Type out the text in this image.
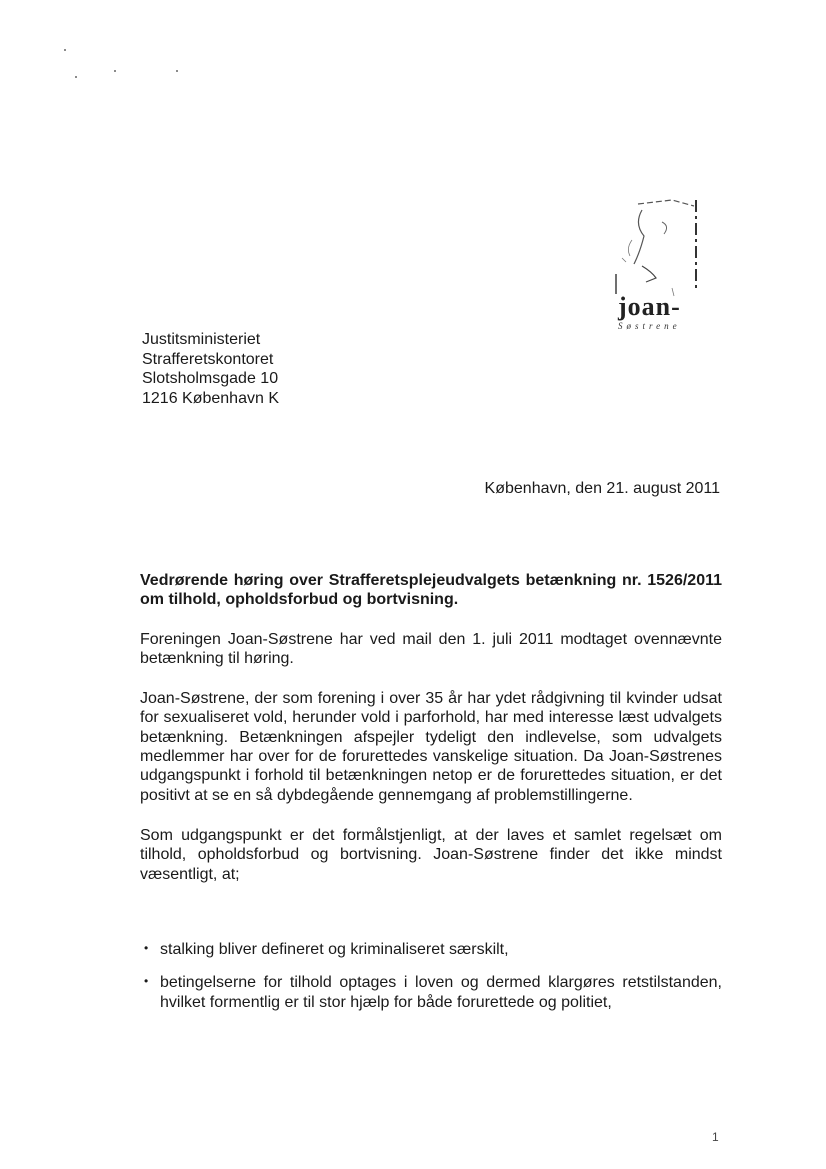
joan-
Søstrene
Justitsministeriet
Strafferetskontoret
Slotsholmsgade 10
1216 København K
København, den 21. august 2011

Vedrørende høring over Strafferetsplejeudvalgets betænkning nr. 1526/2011 om tilhold, opholdsforbud og bortvisning.

Foreningen Joan-Søstrene har ved mail den 1. juli 2011 modtaget ovennævnte betænkning til høring.

Joan-Søstrene, der som forening i over 35 år har ydet rådgivning til kvinder udsat for sexualiseret vold, herunder vold i parforhold, har med interesse læst udvalgets betænkning. Betænkningen afspejler tydeligt den indlevelse, som udvalgets medlemmer har over for de forurettedes vanskelige situation. Da Joan-Søstrenes udgangspunkt i forhold til betænkningen netop er de forurettedes situation, er det positivt at se en så dybdegående gennemgang af problemstillingerne.

Som udgangspunkt er det formålstjenligt, at der laves et samlet regelsæt om tilhold, opholdsforbud og bortvisning. Joan-Søstrene finder det ikke mindst væsentligt, at;

• stalking bliver defineret og kriminaliseret særskilt,
• betingelserne for tilhold optages i loven og dermed klargøres retstilstanden, hvilket formentlig er til stor hjælp for både forurettede og politiet,
1
